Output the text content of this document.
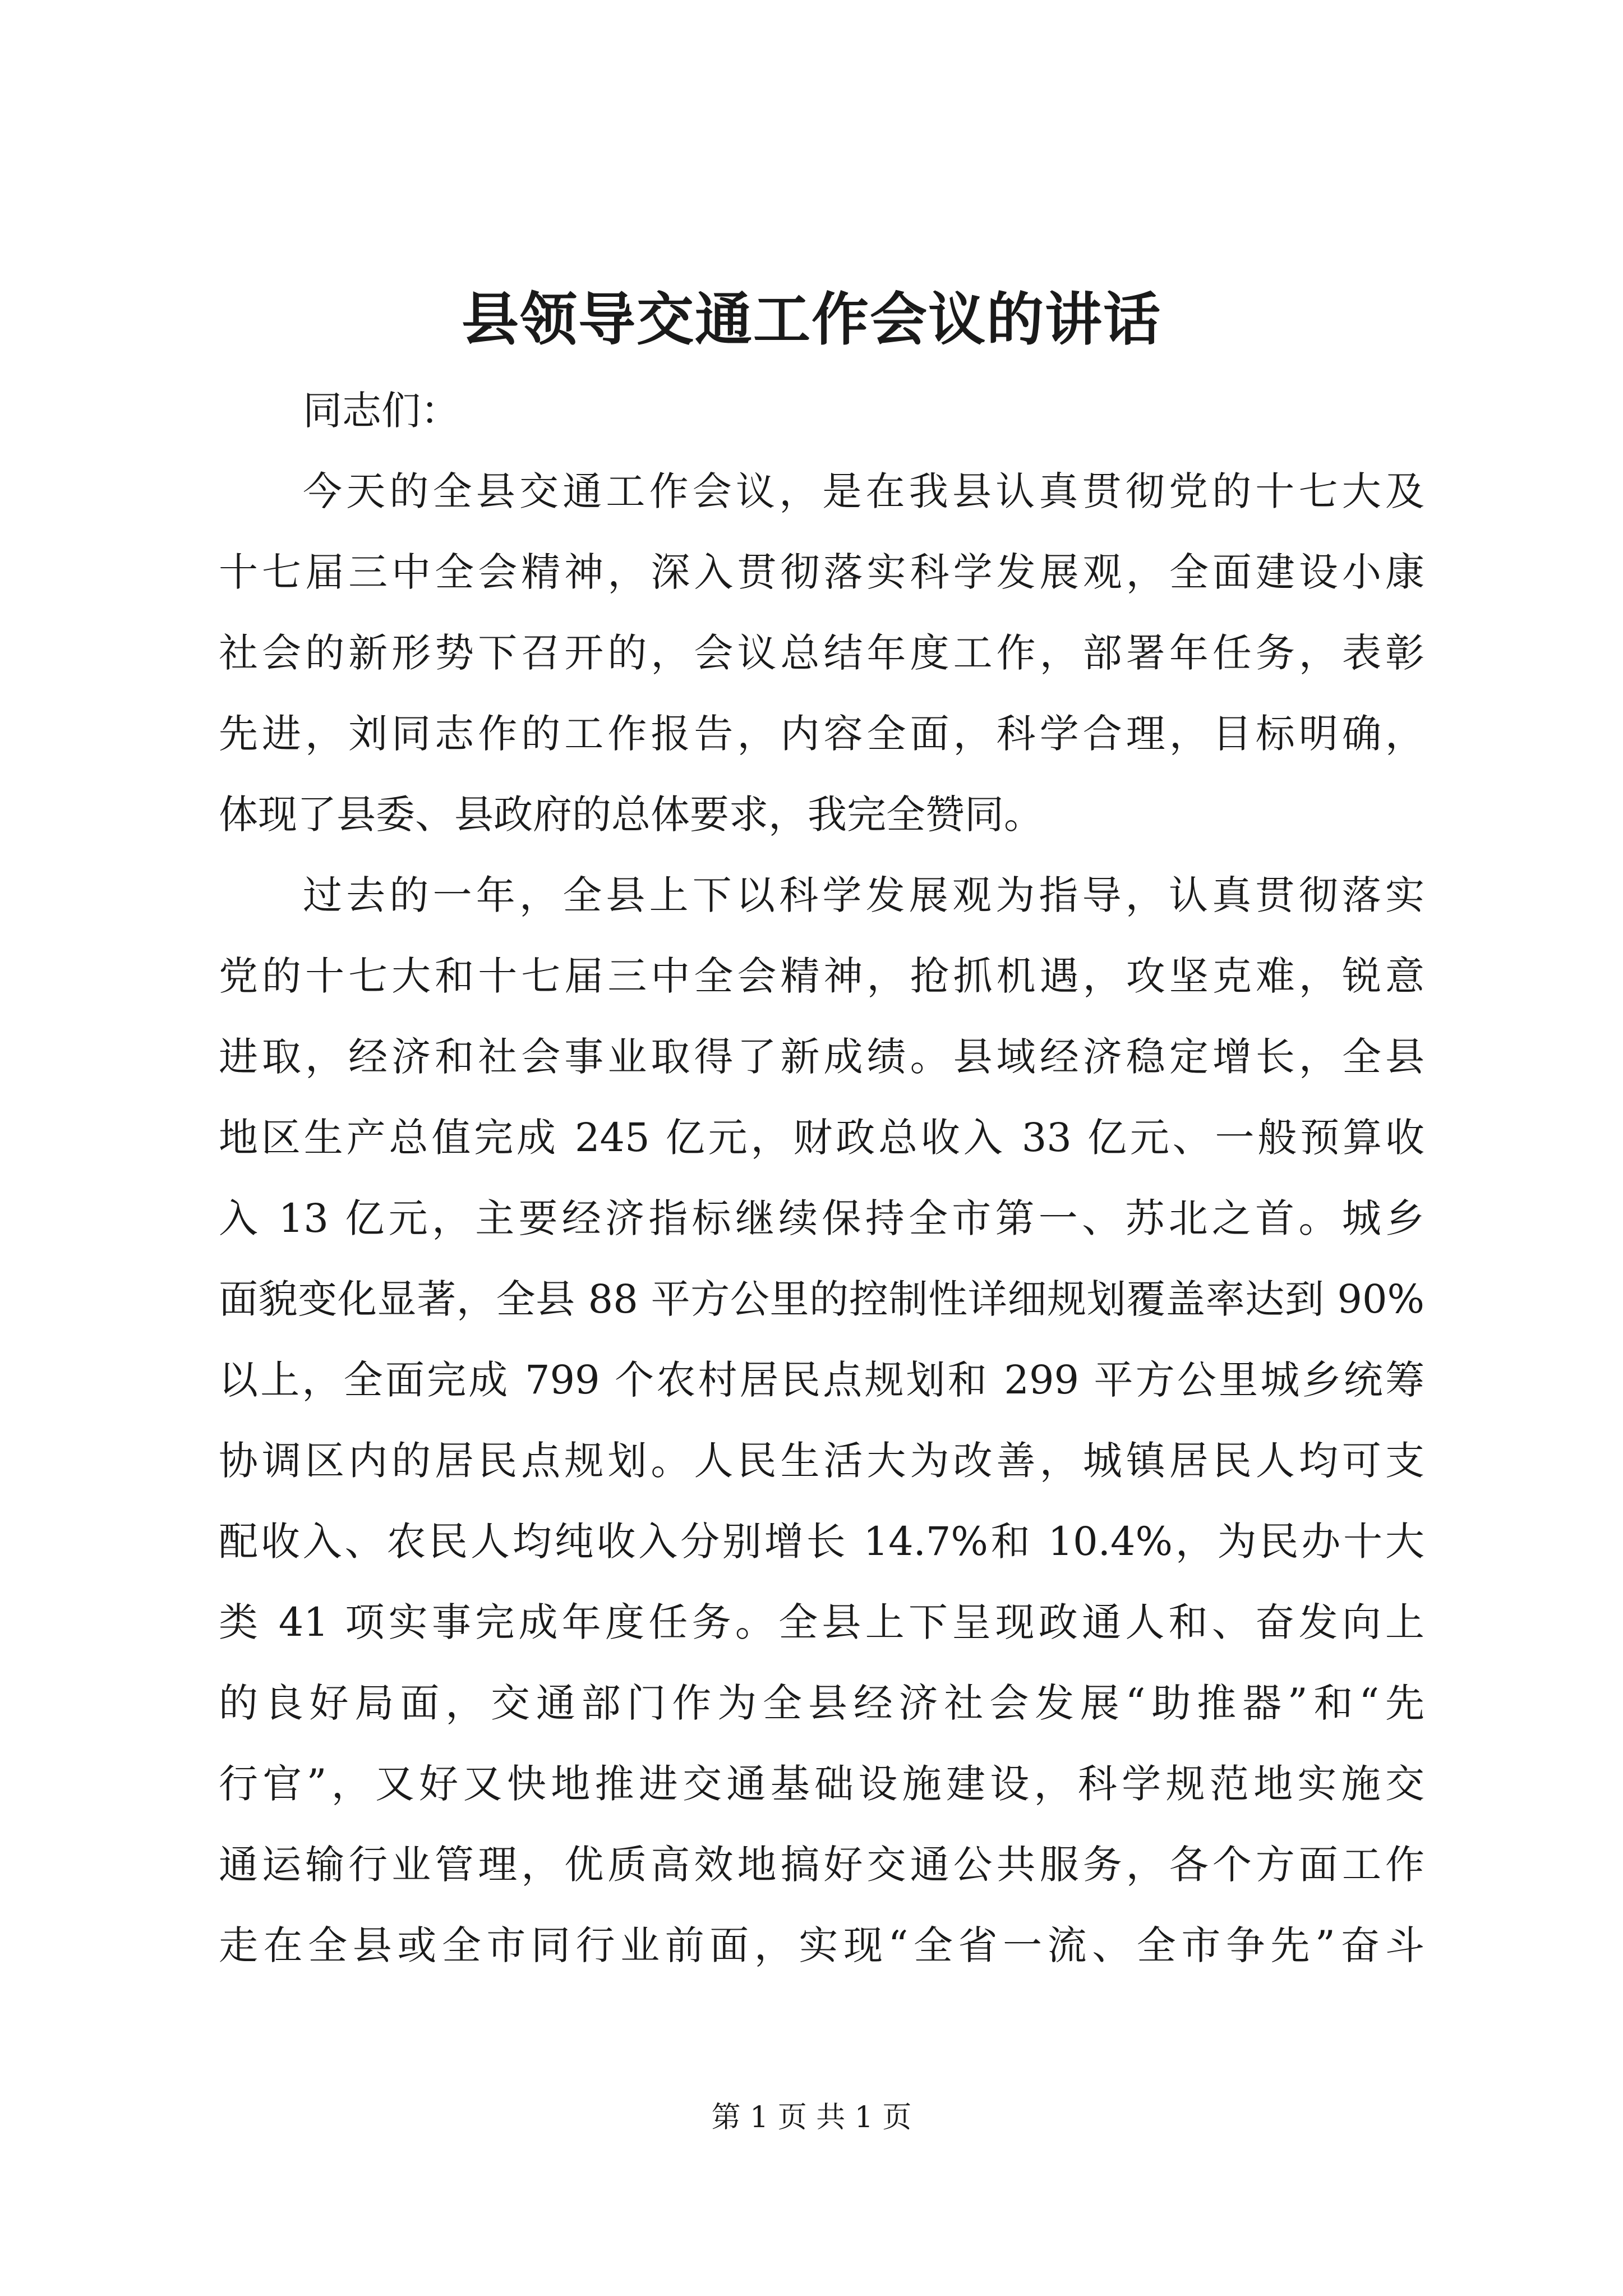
县领导交通工作会议的讲话
同志们：
今天的全县交通工作会议，是在我县认真贯彻党的十七大及
十七届三中全会精神，深入贯彻落实科学发展观，全面建设小康
社会的新形势下召开的，会议总结年度工作，部署年任务，表彰
先进，刘同志作的工作报告，内容全面，科学合理，目标明确，
体现了县委、县政府的总体要求，我完全赞同。
过去的一年，全县上下以科学发展观为指导，认真贯彻落实
党的十七大和十七届三中全会精神，抢抓机遇，攻坚克难，锐意
进取，经济和社会事业取得了新成绩。县域经济稳定增长，全县
地区生产总值完成 245 亿元，财政总收入 33 亿元、一般预算收
入 13 亿元，主要经济指标继续保持全市第一、苏北之首。城乡
面貌变化显著，全县 88 平方公里的控制性详细规划覆盖率达到 90%
以上，全面完成 799 个农村居民点规划和 299 平方公里城乡统筹
协调区内的居民点规划。人民生活大为改善，城镇居民人均可支
配收入、农民人均纯收入分别增长 14.7%和 10.4%，为民办十大
类 41 项实事完成年度任务。全县上下呈现政通人和、奋发向上
的良好局面，交通部门作为全县经济社会发展“助推器”和“先
行官”，又好又快地推进交通基础设施建设，科学规范地实施交
通运输行业管理，优质高效地搞好交通公共服务，各个方面工作
走在全县或全市同行业前面，实现“全省一流、全市争先”奋斗
第 1 页 共 1 页
